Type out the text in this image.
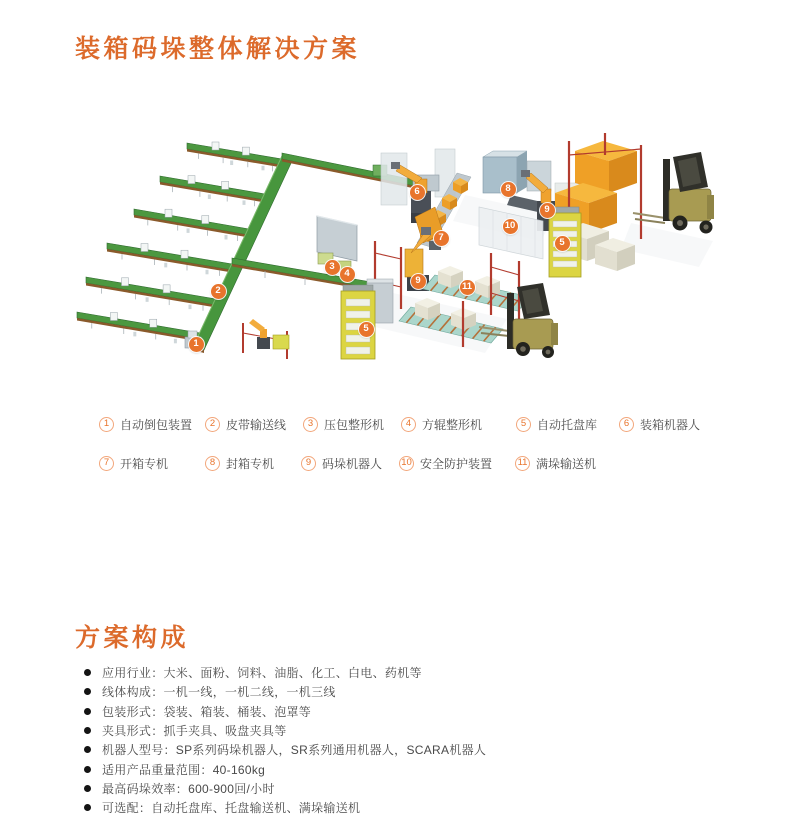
装箱码垛整体解决方案
1
2
3
4
5
6
7
8
9
9
10
11
5
1 自动倒包装置	2 皮带输送线	3 压包整形机	4 方辊整形机	5 自动托盘库	6 装箱机器人
7 开箱专机	8 封箱专机	9 码垛机器人 10 安全防护装置	11 满垛输送机
方案构成
应用行业：大米、面粉、饲料、油脂、化工、白电、药机等
线体构成：一机一线，一机二线，一机三线
包装形式：袋装、箱装、桶装、泡罩等
夹具形式：抓手夹具、吸盘夹具等
机器人型号：SP系列码垛机器人，SR系列通用机器人，SCARA机器人
适用产品重量范围：40-160kg
最高码垛效率：600-900回/小时
可选配：自动托盘库、托盘输送机、满垛输送机
